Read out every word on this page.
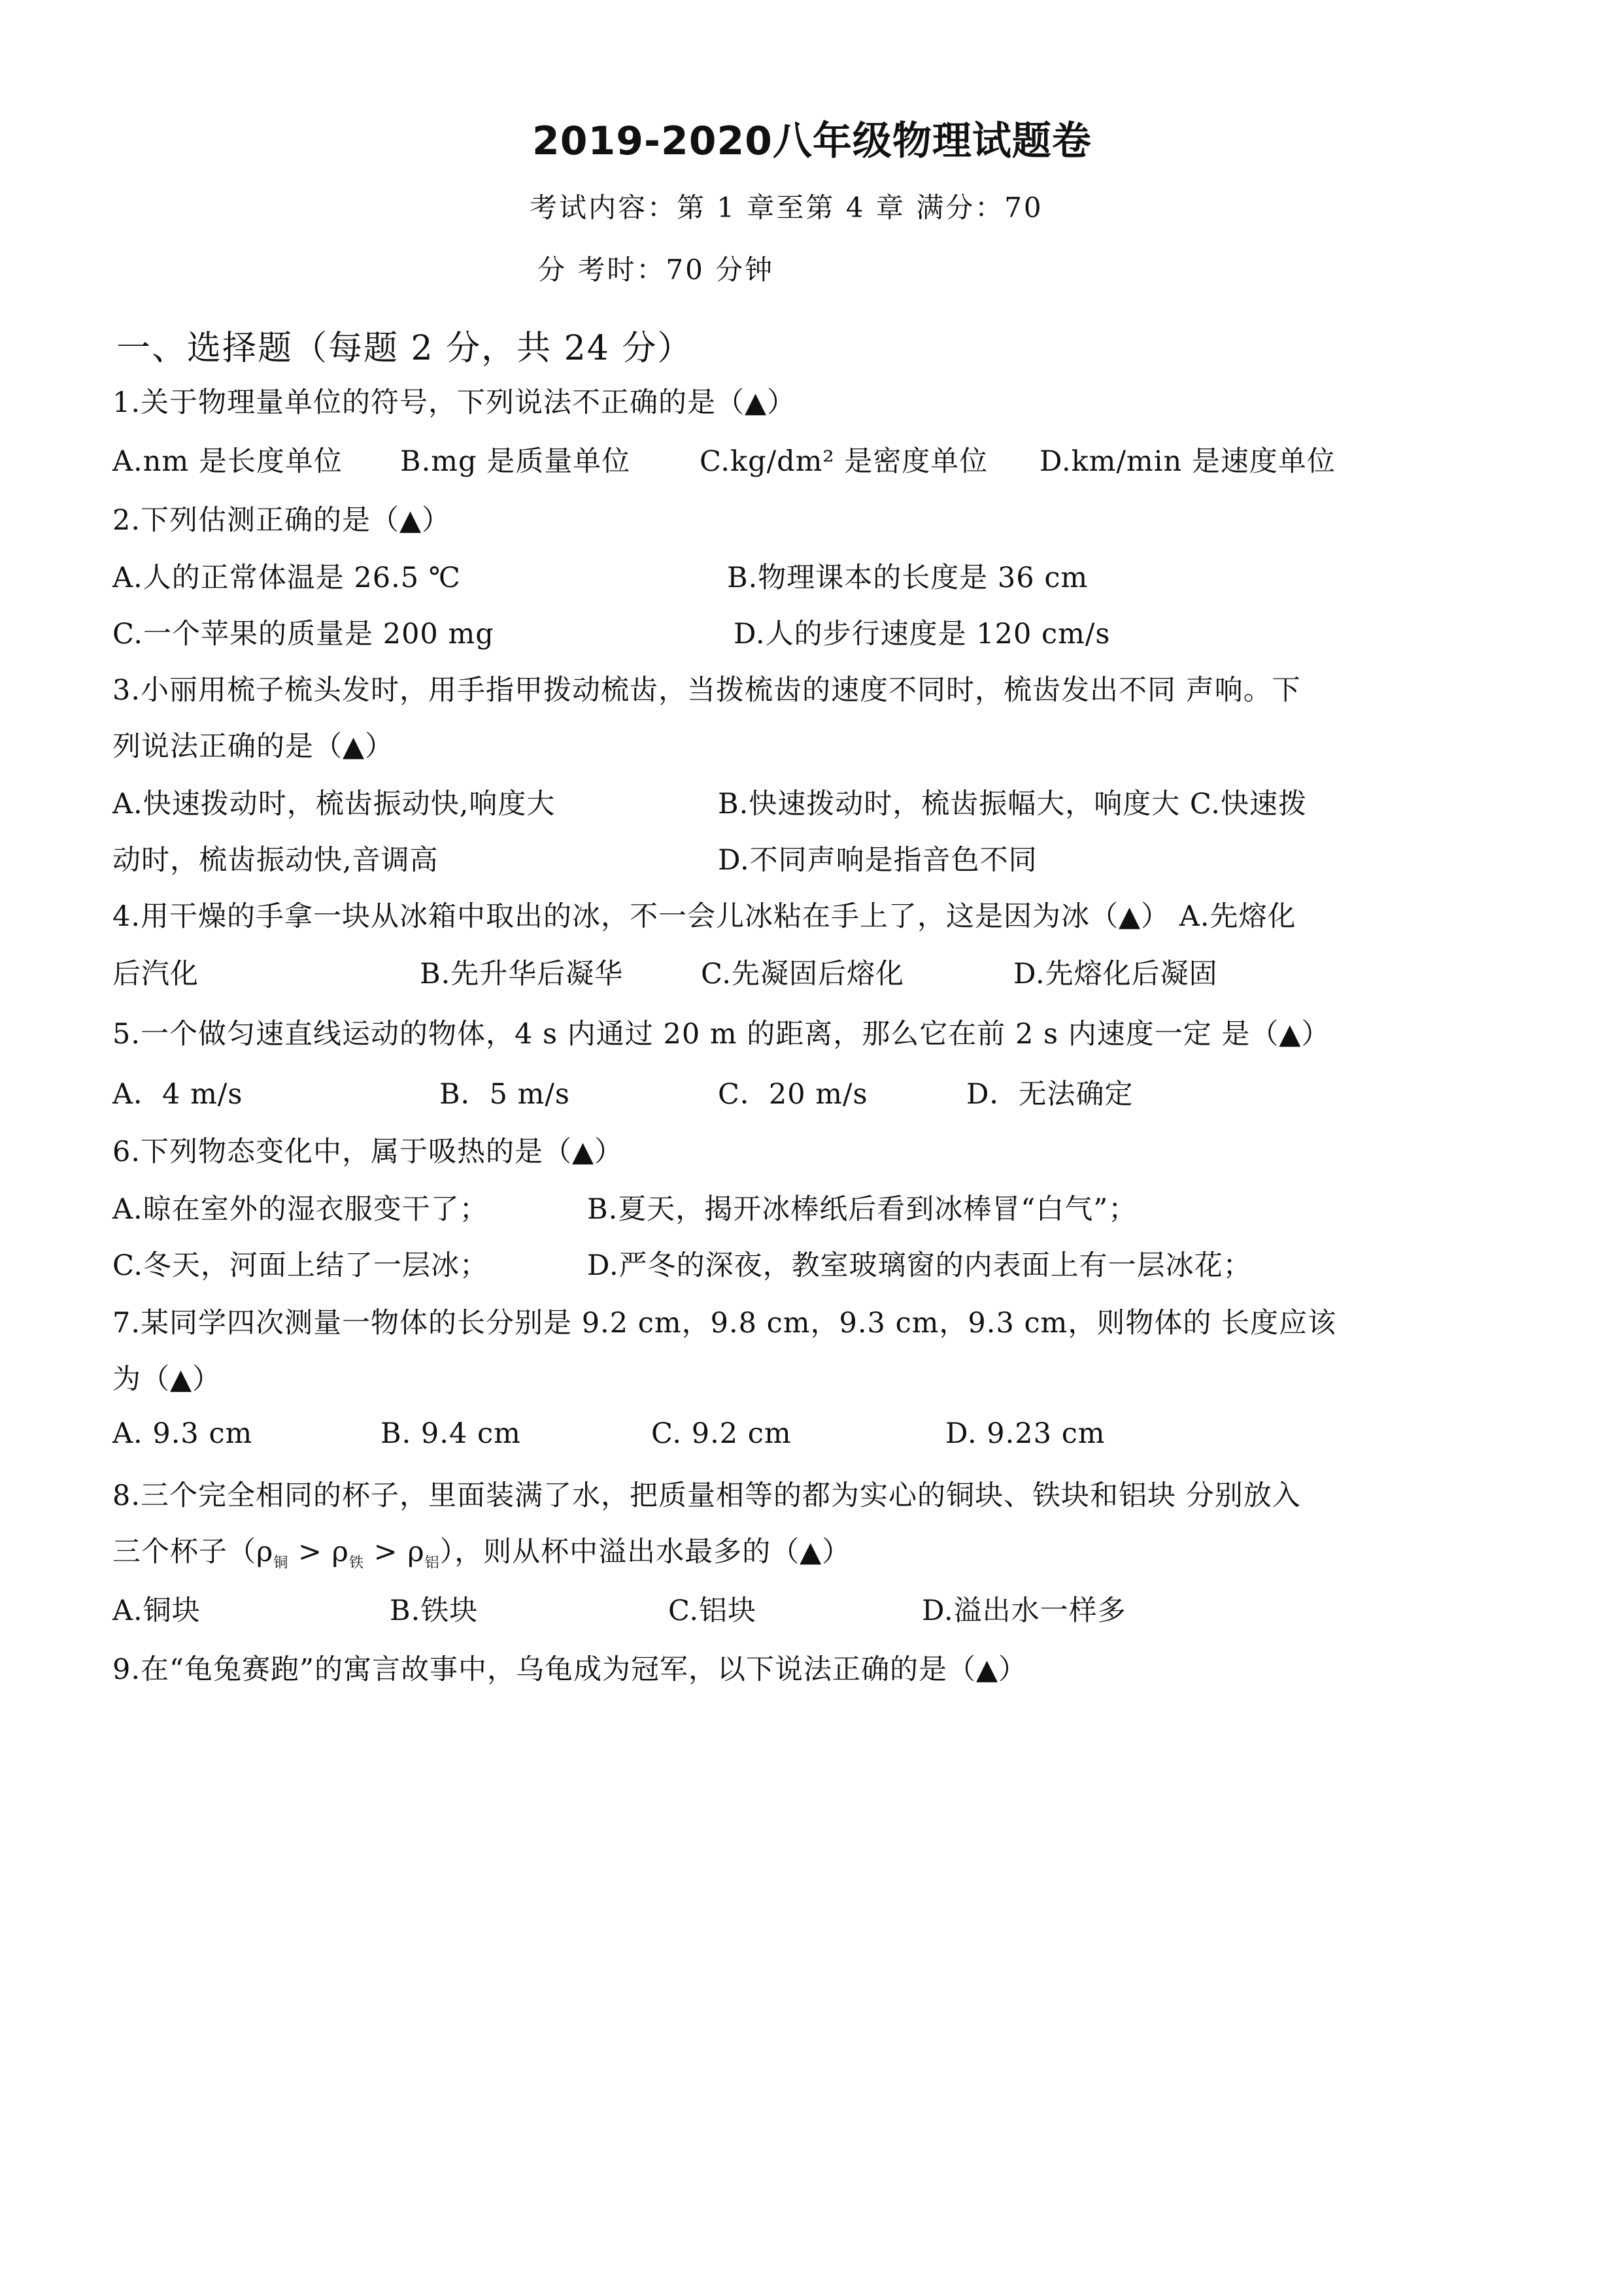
2019-2020八年级物理试题卷
考试内容：第 1 章至第 4 章 满分：70
分 考时：70 分钟
一、选择题（每题 2 分，共 24 分）
1.关于物理量单位的符号，下列说法不正确的是（▲）
A.nm 是长度单位 B.mg 是质量单位 C.kg/dm² 是密度单位 D.km/min 是速度单位
2.下列估测正确的是（▲）
A.人的正常体温是 26.5 ℃	B.物理课本的长度是 36 cm
C.一个苹果的质量是 200 mg	D.人的步行速度是 120 cm/s
3.小丽用梳子梳头发时，用手指甲拨动梳齿，当拨梳齿的速度不同时，梳齿发出不同 声响。下
列说法正确的是（▲）
A.快速拨动时，梳齿振动快,响度大	B.快速拨动时，梳齿振幅大，响度大 C.快速拨
动时，梳齿振动快,音调高	D.不同声响是指音色不同
4.用干燥的手拿一块从冰箱中取出的冰，不一会儿冰粘在手上了，这是因为冰（▲） A.先熔化
后汽化	B.先升华后凝华	C.先凝固后熔化	D.先熔化后凝固
5.一个做匀速直线运动的物体，4 s 内通过 20 m 的距离，那么它在前 2 s 内速度一定 是（▲）
A．4 m/s	B．5 m/s	C．20 m/s	D．无法确定
6.下列物态变化中，属于吸热的是（▲）
A.晾在室外的湿衣服变干了；	B.夏天，揭开冰棒纸后看到冰棒冒“白气”；
C.冬天，河面上结了一层冰；	D.严冬的深夜，教室玻璃窗的内表面上有一层冰花；
7.某同学四次测量一物体的长分别是 9.2 cm，9.8 cm，9.3 cm，9.3 cm，则物体的 长度应该
为（▲）
A. 9.3 cm	B. 9.4 cm	C. 9.2 cm	D. 9.23 cm
8.三个完全相同的杯子，里面装满了水，把质量相等的都为实心的铜块、铁块和铝块 分别放入
三个杯子$(\rho_铜 > \rho_铁 > \rho_铝)$，则从杯中溢出水最多的（▲）
A.铜块	B.铁块	C.铝块	D.溢出水一样多
9.在“龟兔赛跑”的寓言故事中，乌龟成为冠军，以下说法正确的是（▲）
